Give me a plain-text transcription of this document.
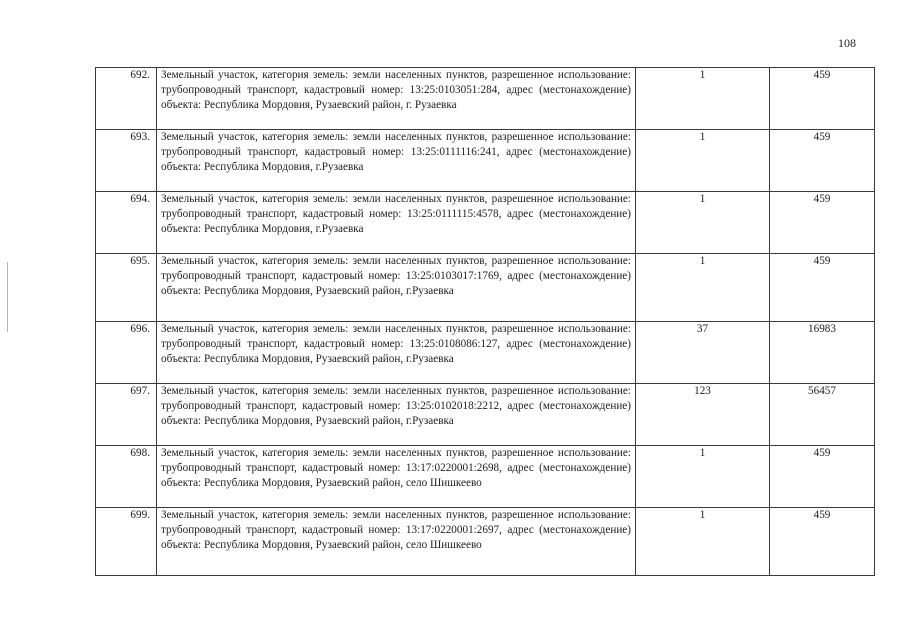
108
692.	Земельный участок, категория земель: земли населенных пунктов, разрешенное использование: трубопроводный транспорт, кадастровый номер: 13:25:0103051:284, адрес (местонахождение) объекта: Республика Мордовия, Рузаевский район, г. Рузаевка	1	459
693.	Земельный участок, категория земель: земли населенных пунктов, разрешенное использование: трубопроводный транспорт, кадастровый номер: 13:25:0111116:241, адрес (местонахождение) объекта: Республика Мордовия, г.Рузаевка	1	459
694.	Земельный участок, категория земель: земли населенных пунктов, разрешенное использование: трубопроводный транспорт, кадастровый номер: 13:25:0111115:4578, адрес (местонахождение) объекта: Республика Мордовия, г.Рузаевка	1	459
695.	Земельный участок, категория земель: земли населенных пунктов, разрешенное использование: трубопроводный транспорт, кадастровый номер: 13:25:0103017:1769, адрес (местонахождение) объекта: Республика Мордовия, Рузаевский район, г.Рузаевка	1	459
696.	Земельный участок, категория земель: земли населенных пунктов, разрешенное использование: трубопроводный транспорт, кадастровый номер: 13:25:0108086:127, адрес (местонахождение) объекта: Республика Мордовия, Рузаевский район, г.Рузаевка	37	16983
697.	Земельный участок, категория земель: земли населенных пунктов, разрешенное использование: трубопроводный транспорт, кадастровый номер: 13:25:0102018:2212, адрес (местонахождение) объекта: Республика Мордовия, Рузаевский район, г.Рузаевка	123	56457
698.	Земельный участок, категория земель: земли населенных пунктов, разрешенное использование: трубопроводный транспорт, кадастровый номер: 13:17:0220001:2698, адрес (местонахождение) объекта: Республика Мордовия, Рузаевский район, село Шишкеево	1	459
699.	Земельный участок, категория земель: земли населенных пунктов, разрешенное использование: трубопроводный транспорт, кадастровый номер: 13:17:0220001:2697, адрес (местонахождение) объекта: Республика Мордовия, Рузаевский район, село Шишкеево	1	459
